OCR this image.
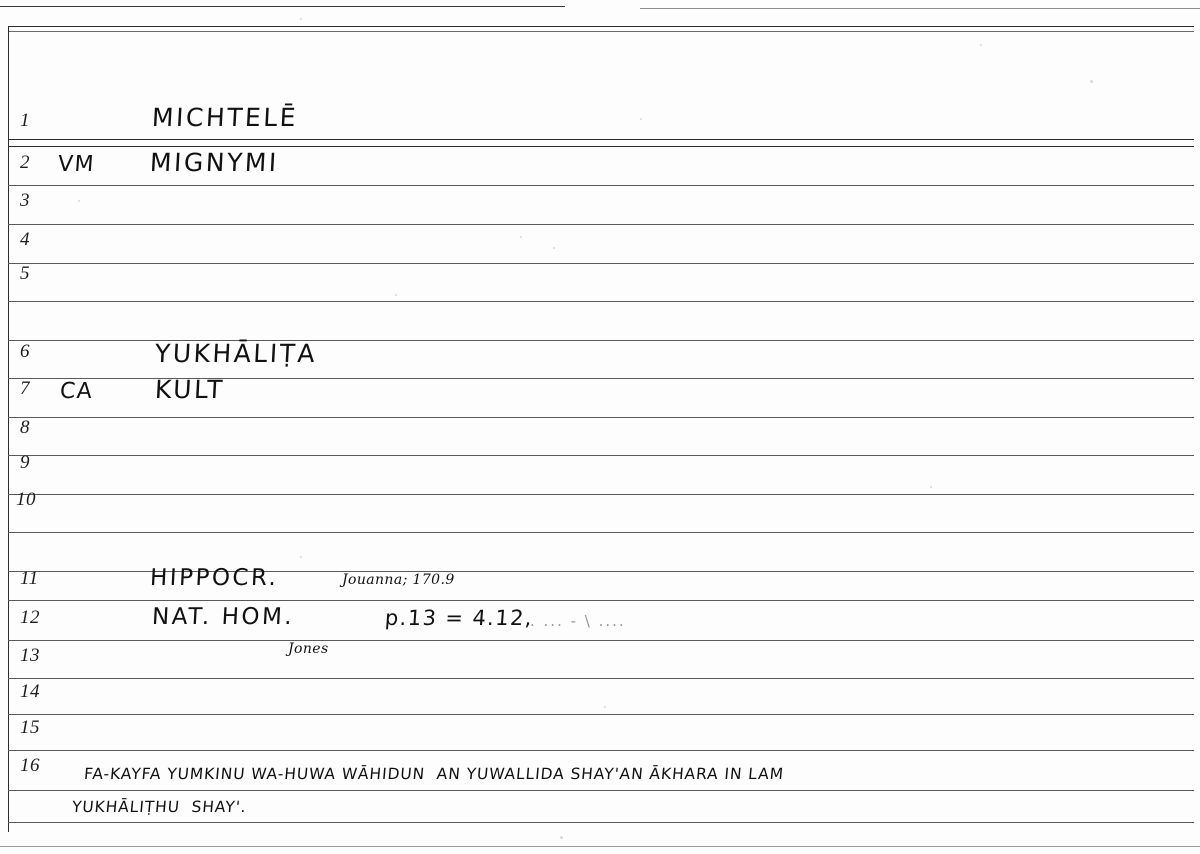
1
2
3
4
5
6
7
8
9
10
11
12
13
14
15
16
MICHTELĒ
VM MIGNYMI
YUKHĀLIṬA
CA KULT
HIPPOCR.	Jouanna; 170.9
NAT. HOM.	p.13 = 4.12,
. ... - \ ....
Jones
FA-KAYFA YUMKINU WA-HUWA WĀHIDUN  AN YUWALLIDA SHAY'AN ĀKHARA IN LAM
YUKHĀLIṬHU  SHAY'.
